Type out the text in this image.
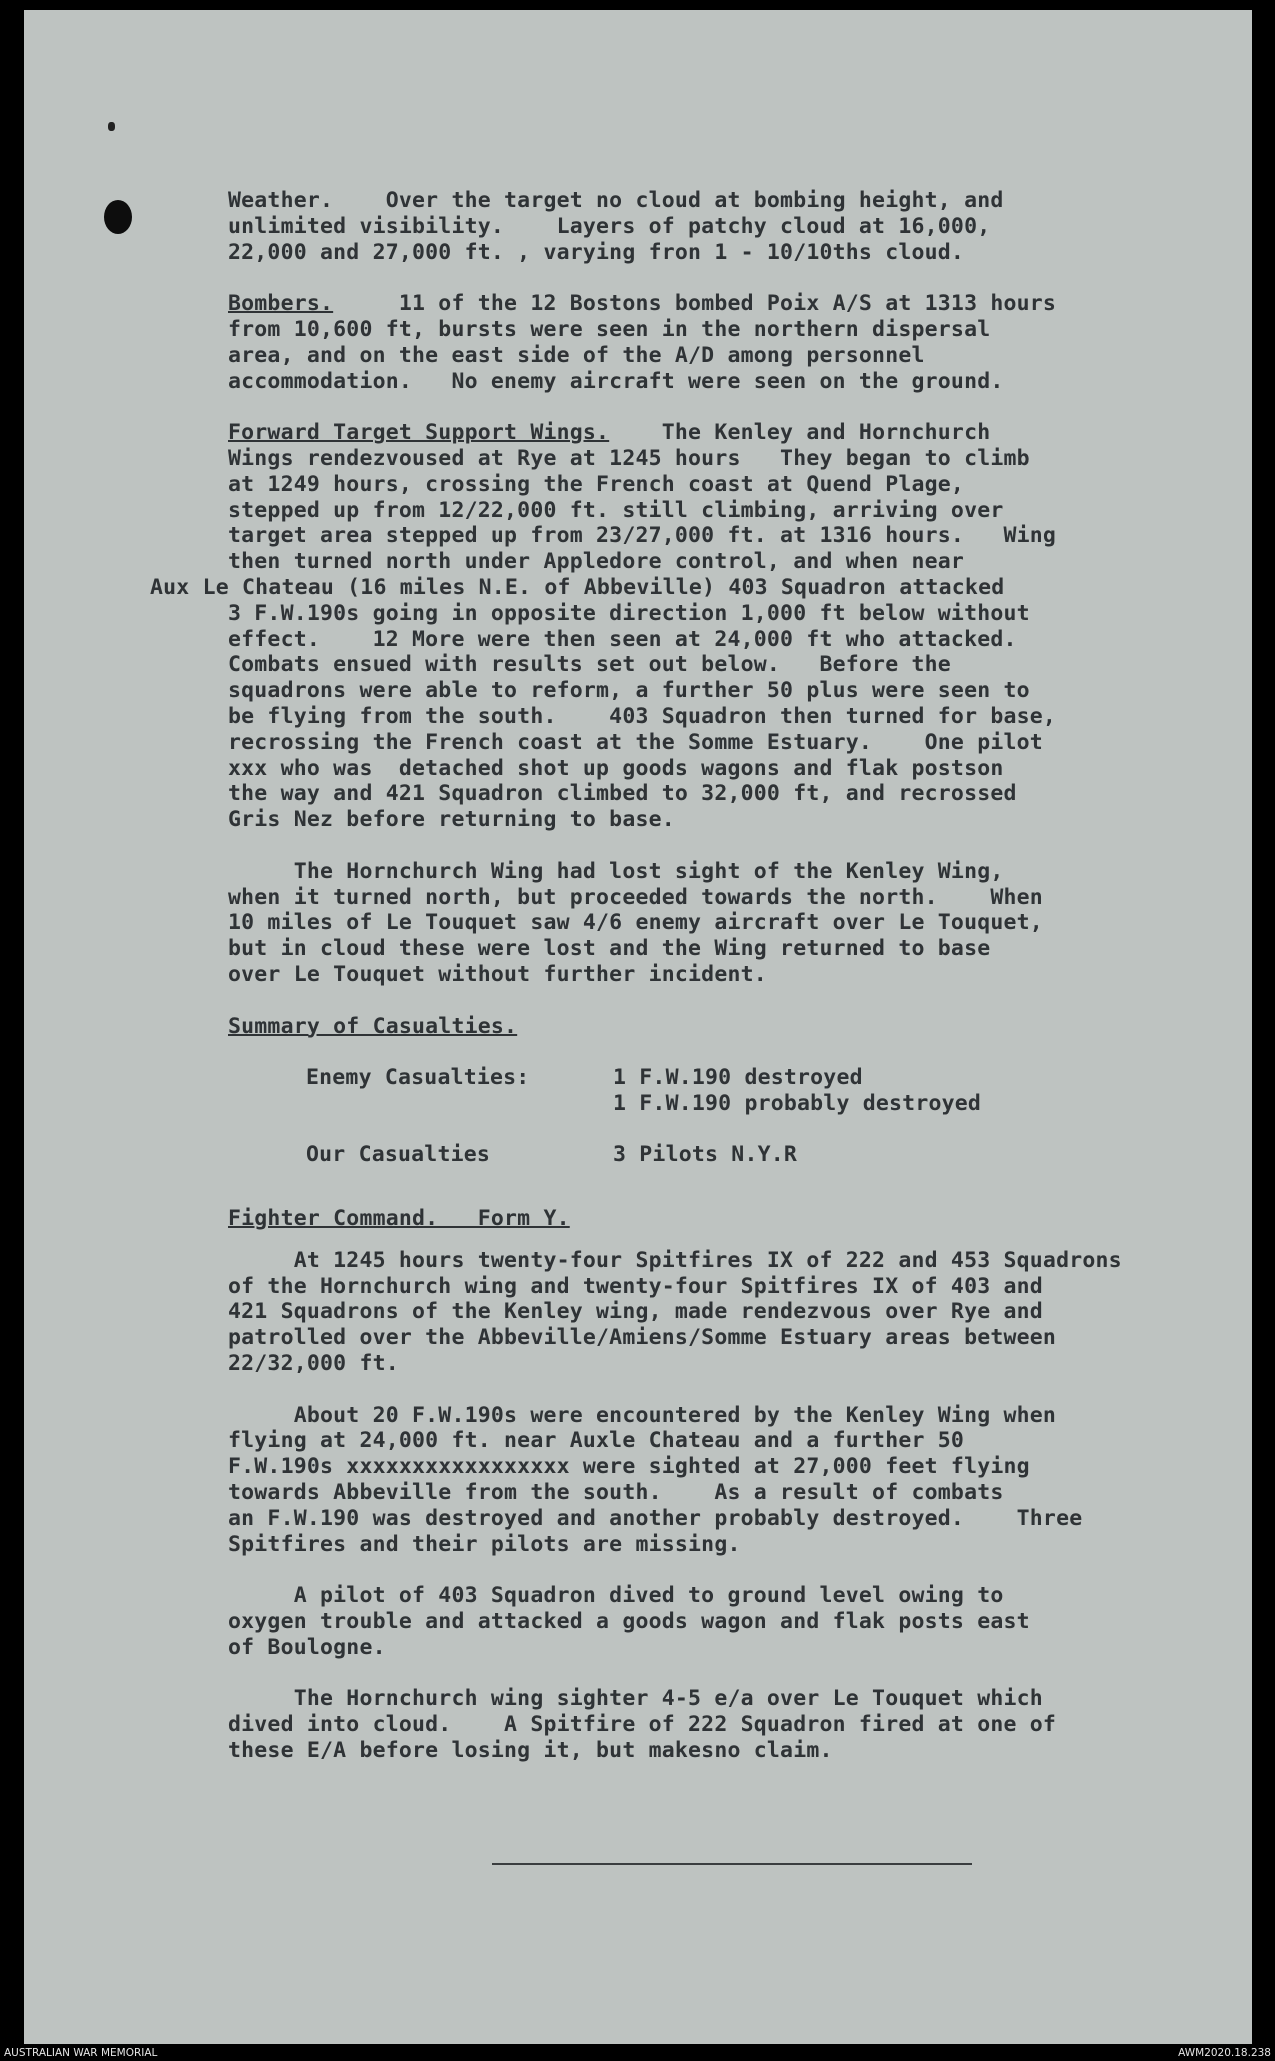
Weather.    Over the target no cloud at bombing height, and
unlimited visibility.    Layers of patchy cloud at 16,000,
22,000 and 27,000 ft. , varying fron 1 - 10/10ths cloud.
Bombers.     11 of the 12 Bostons bombed Poix A/S at 1313 hours
from 10,600 ft, bursts were seen in the northern dispersal
area, and on the east side of the A/D among personnel
accommodation.   No enemy aircraft were seen on the ground.
Forward Target Support Wings.    The Kenley and Hornchurch
Wings rendezvoused at Rye at 1245 hours   They began to climb
at 1249 hours, crossing the French coast at Quend Plage,
stepped up from 12/22,000 ft. still climbing, arriving over
target area stepped up from 23/27,000 ft. at 1316 hours.   Wing
then turned north under Appledore control, and when near
Aux Le Chateau (16 miles N.E. of Abbeville) 403 Squadron attacked
3 F.W.190s going in opposite direction 1,000 ft below without
effect.    12 More were then seen at 24,000 ft who attacked.
Combats ensued with results set out below.   Before the
squadrons were able to reform, a further 50 plus were seen to
be flying from the south.    403 Squadron then turned for base,
recrossing the French coast at the Somme Estuary.    One pilot
xxx who was  detached shot up goods wagons and flak postson
the way and 421 Squadron climbed to 32,000 ft, and recrossed
Gris Nez before returning to base.
The Hornchurch Wing had lost sight of the Kenley Wing,
when it turned north, but proceeded towards the north.    When
10 miles of Le Touquet saw 4/6 enemy aircraft over Le Touquet,
but in cloud these were lost and the Wing returned to base
over Le Touquet without further incident.
Summary of Casualties.
Enemy Casualties:	1 F.W.190 destroyed
1 F.W.190 probably destroyed
Our Casualties	3 Pilots N.Y.R
Fighter Command.   Form Y.
At 1245 hours twenty-four Spitfires IX of 222 and 453 Squadrons
of the Hornchurch wing and twenty-four Spitfires IX of 403 and
421 Squadrons of the Kenley wing, made rendezvous over Rye and
patrolled over the Abbeville/Amiens/Somme Estuary areas between
22/32,000 ft.
About 20 F.W.190s were encountered by the Kenley Wing when
flying at 24,000 ft. near Auxle Chateau and a further 50
F.W.190s xxxxxxxxxxxxxxxxx were sighted at 27,000 feet flying
towards Abbeville from the south.    As a result of combats
an F.W.190 was destroyed and another probably destroyed.    Three
Spitfires and their pilots are missing.
A pilot of 403 Squadron dived to ground level owing to
oxygen trouble and attacked a goods wagon and flak posts east
of Boulogne.
The Hornchurch wing sighter 4-5 e/a over Le Touquet which
dived into cloud.    A Spitfire of 222 Squadron fired at one of
these E/A before losing it, but makesno claim.
AUSTRALIAN WAR MEMORIAL	AWM2020.18.238
